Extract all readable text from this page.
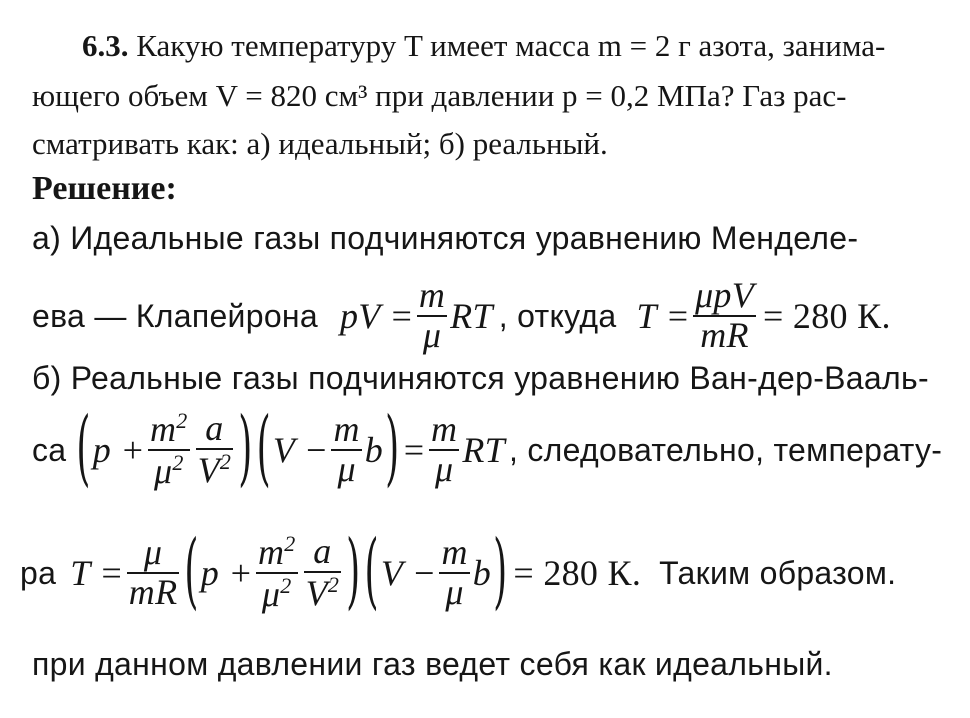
6.3. Какую температуру T имеет масса m = 2 г азота, занима-
ющего объем V = 820 см³ при давлении p = 0,2 МПа? Газ рас-
сматривать как: а) идеальный; б) реальный.
Решение:
а) Идеальные газы подчиняются уравнению Менделе-
ева — Клапейрона pV = $\frac{m}{\mu}$ RT , откуда $T = \frac{\text{μpV}}{mR} = 280$ К.
б) Реальные газы подчиняются уравнению Ван-дер-Вааль-
са ( $p + \frac{m^2}{\mu^2} \frac{a}{V^2}$ ) ( $V - \frac{m}{\mu}$ b ) = $\frac{m}{\mu}$ RT , следовательно, температу-
ра $T = \frac{\mu}{mR}$ ( $p + \frac{m^2}{\mu^2} \frac{a}{V^2}$ ) ( $V - \frac{m}{\mu}$ b ) = 280 К. Таким образом.
при данном давлении газ ведет себя как идеальный.
